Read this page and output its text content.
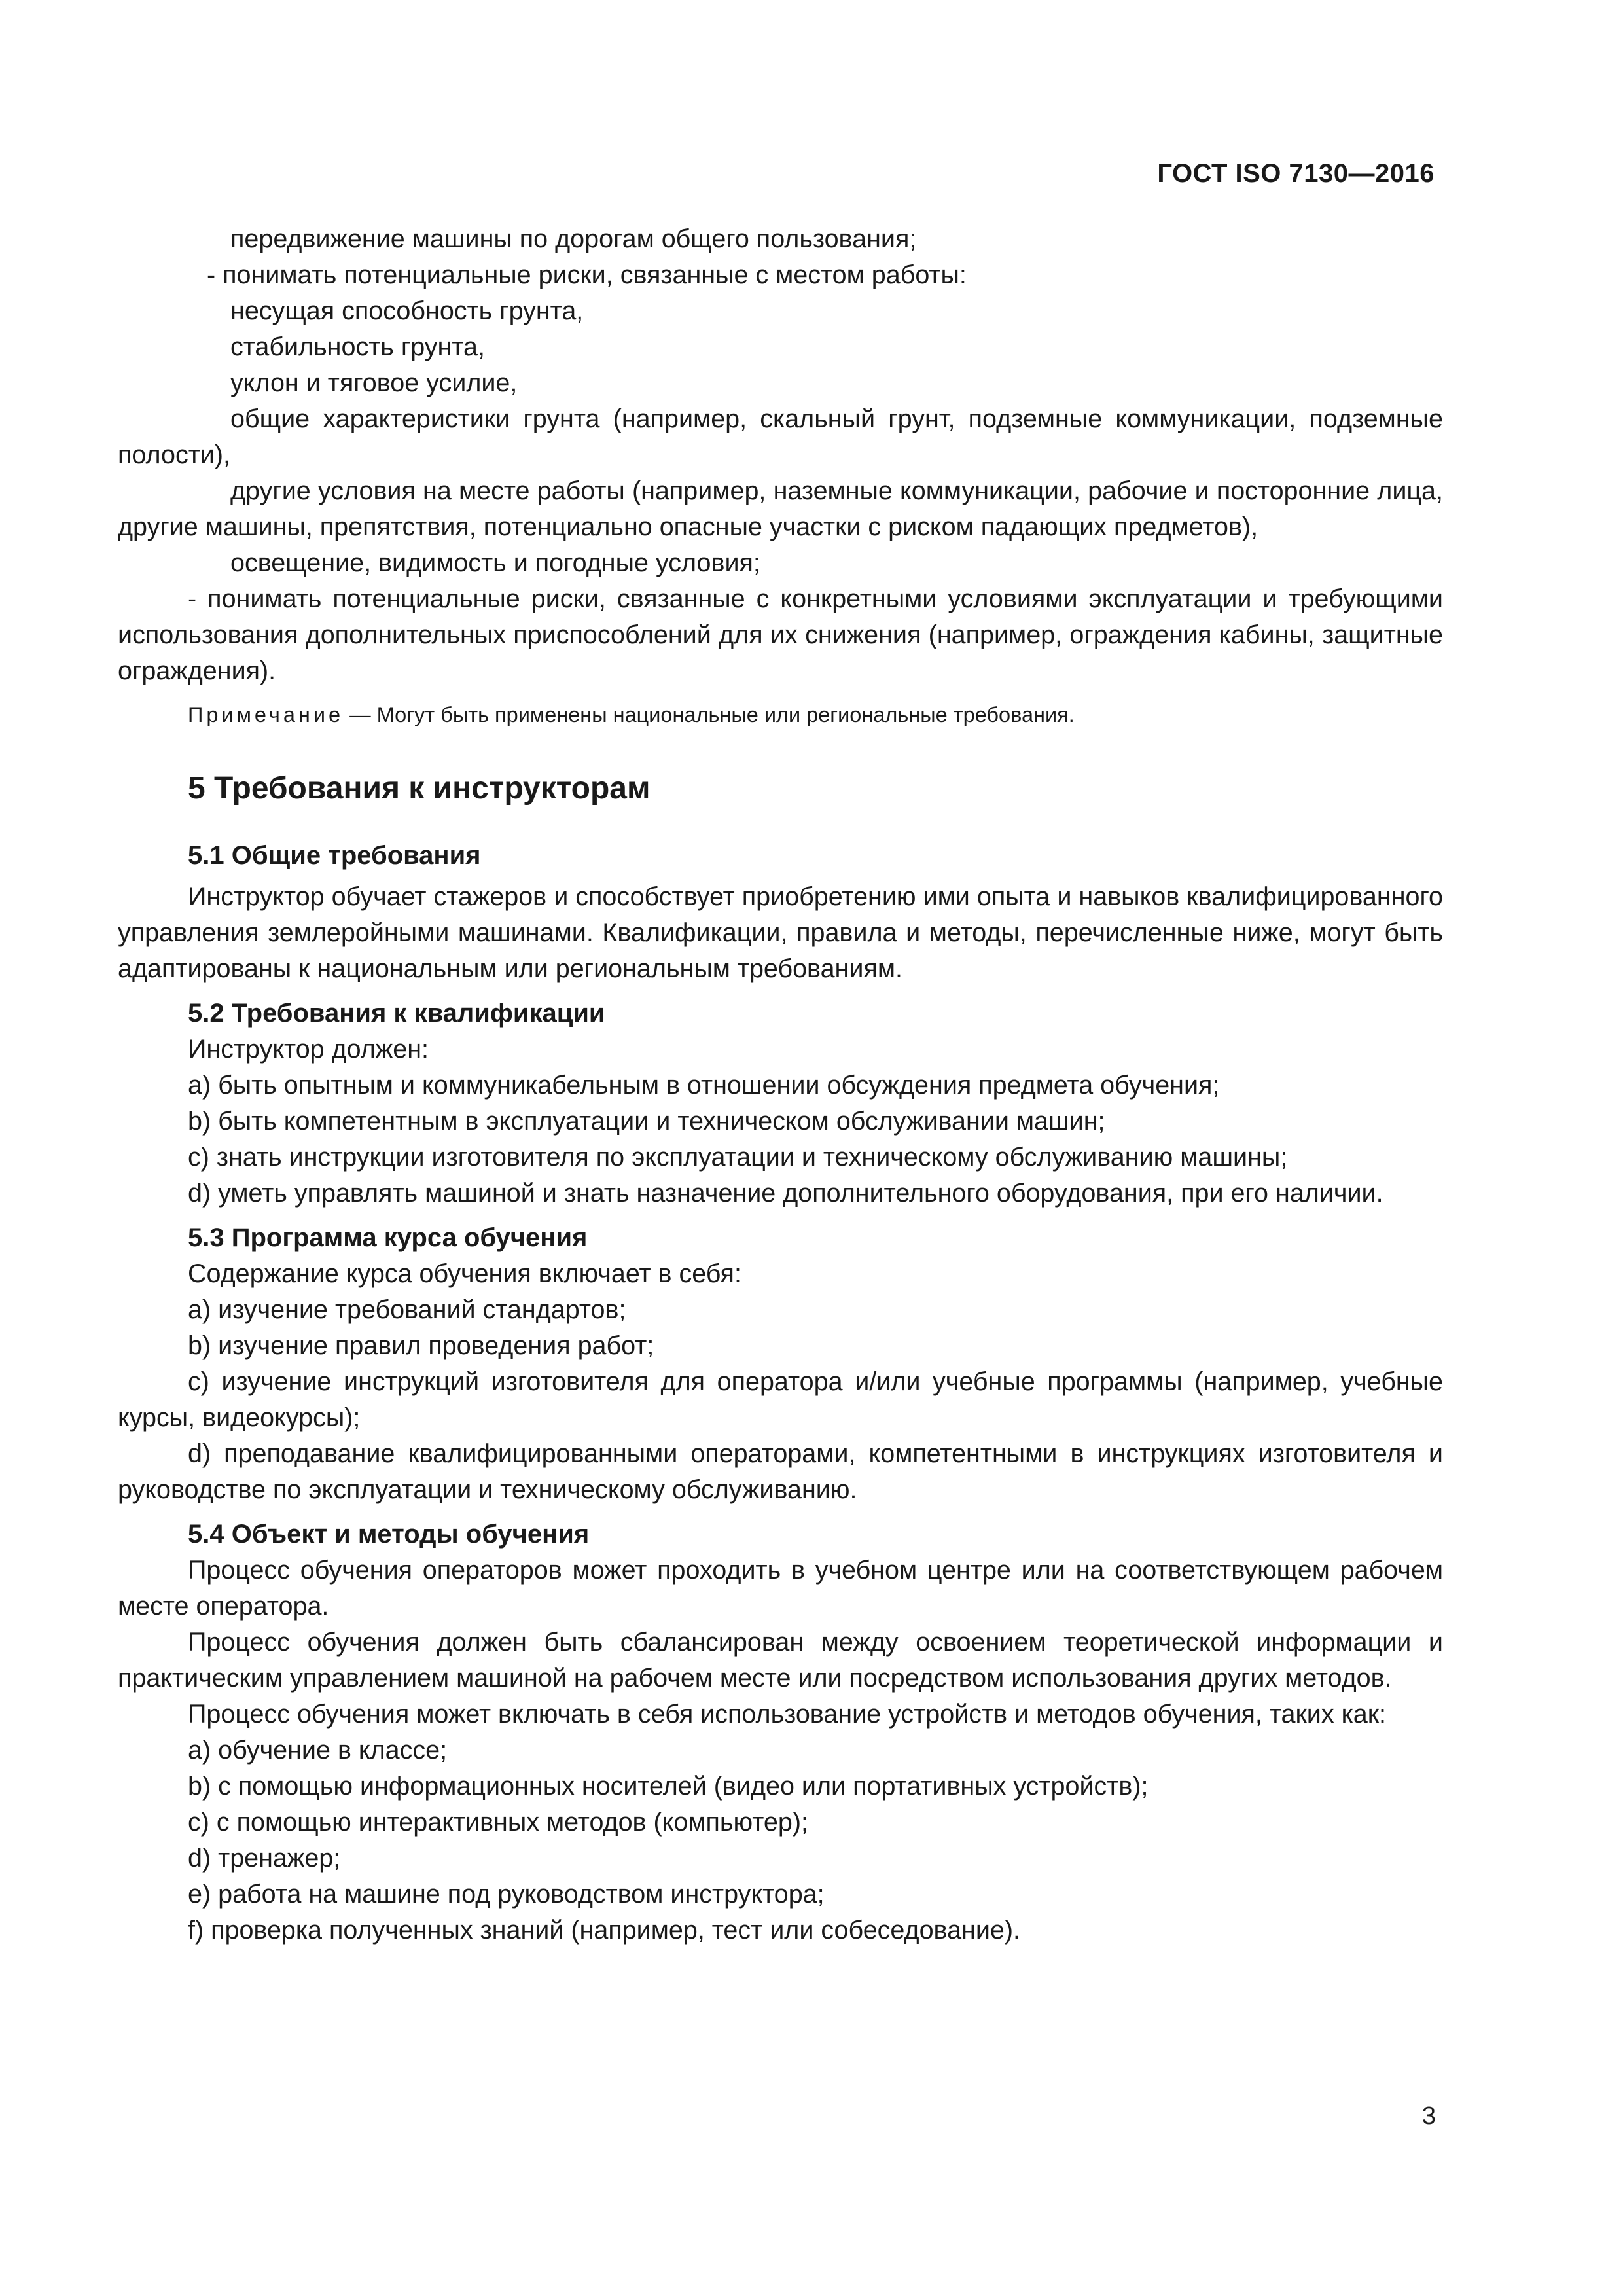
ГОСТ ISO 7130—2016

передвижение машины по дорогам общего пользования;

- понимать потенциальные риски, связанные с местом работы:

несущая способность грунта,

стабильность грунта,

уклон и тяговое усилие,

общие характеристики грунта (например, скальный грунт, подземные коммуникации, подземные полости),

другие условия на месте работы (например, наземные коммуникации, рабочие и посторонние лица, другие машины, препятствия, потенциально опасные участки с риском падающих предметов),

освещение, видимость и погодные условия;

- понимать потенциальные риски, связанные с конкретными условиями эксплуатации и требующими использования дополнительных приспособлений для их снижения (например, ограждения кабины, защитные ограждения).

Примечание — Могут быть применены национальные или региональные требования.

5 Требования к инструкторам
5.1 Общие требования

Инструктор обучает стажеров и способствует приобретению ими опыта и навыков квалифицированного управления землеройными машинами. Квалификации, правила и методы, перечисленные ниже, могут быть адаптированы к национальным или региональным требованиям.

5.2 Требования к квалификации

Инструктор должен:

a) быть опытным и коммуникабельным в отношении обсуждения предмета обучения;

b) быть компетентным в эксплуатации и техническом обслуживании машин;

c) знать инструкции изготовителя по эксплуатации и техническому обслуживанию машины;

d) уметь управлять машиной и знать назначение дополнительного оборудования, при его наличии.

5.3 Программа курса обучения

Содержание курса обучения включает в себя:

a) изучение требований стандартов;

b) изучение правил проведения работ;

c) изучение инструкций изготовителя для оператора и/или учебные программы (например, учебные курсы, видеокурсы);

d) преподавание квалифицированными операторами, компетентными в инструкциях изготовителя и руководстве по эксплуатации и техническому обслуживанию.

5.4 Объект и методы обучения

Процесс обучения операторов может проходить в учебном центре или на соответствующем рабочем месте оператора.

Процесс обучения должен быть сбалансирован между освоением теоретической информации и практическим управлением машиной на рабочем месте или посредством использования других методов.

Процесс обучения может включать в себя использование устройств и методов обучения, таких как:

a) обучение в классе;

b) с помощью информационных носителей (видео или портативных устройств);

c) с помощью интерактивных методов (компьютер);

d) тренажер;

e) работа на машине под руководством инструктора;

f) проверка полученных знаний (например, тест или собеседование).

3
